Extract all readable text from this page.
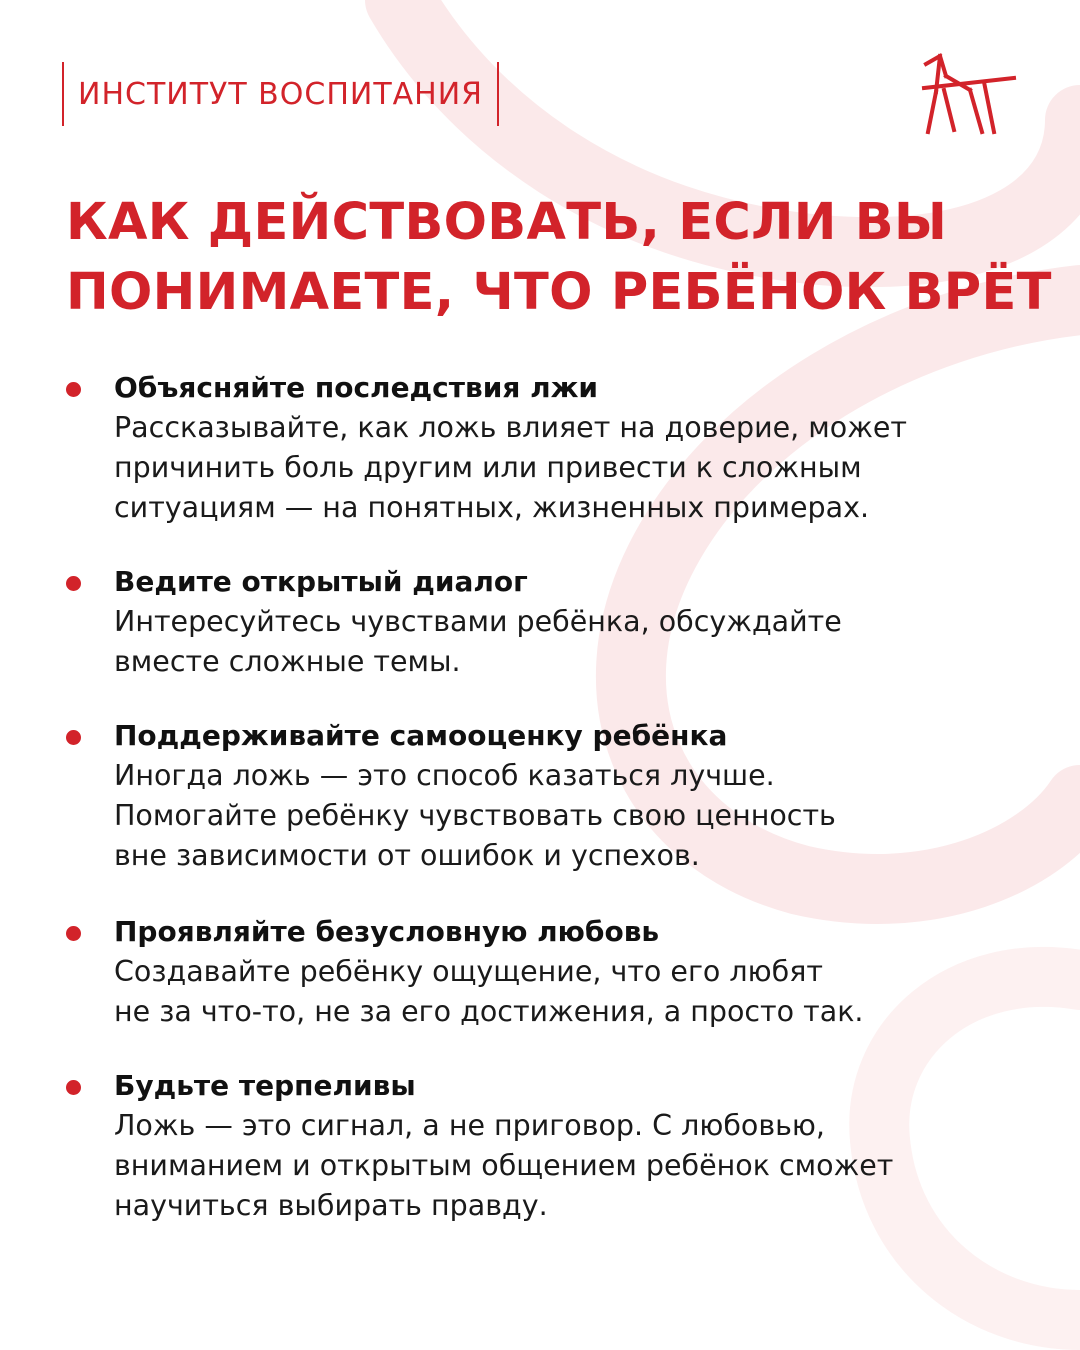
ИНСТИТУТ ВОСПИТАНИЯ
КАК ДЕЙСТВОВАТЬ, ЕСЛИ ВЫ
ПОНИМАЕТЕ, ЧТО РЕБЁНОК ВРЁТ
Объясняйте последствия лжи
Рассказывайте, как ложь влияет на доверие, может
причинить боль другим или привести к сложным
ситуациям — на понятных, жизненных примерах.
Ведите открытый диалог
Интересуйтесь чувствами ребёнка, обсуждайте
вместе сложные темы.
Поддерживайте самооценку ребёнка
Иногда ложь — это способ казаться лучше.
Помогайте ребёнку чувствовать свою ценность
вне зависимости от ошибок и успехов.
Проявляйте безусловную любовь
Создавайте ребёнку ощущение, что его любят
не за что-то, не за его достижения, а просто так.
Будьте терпеливы
Ложь — это сигнал, а не приговор. С любовью,
вниманием и открытым общением ребёнок сможет
научиться выбирать правду.
